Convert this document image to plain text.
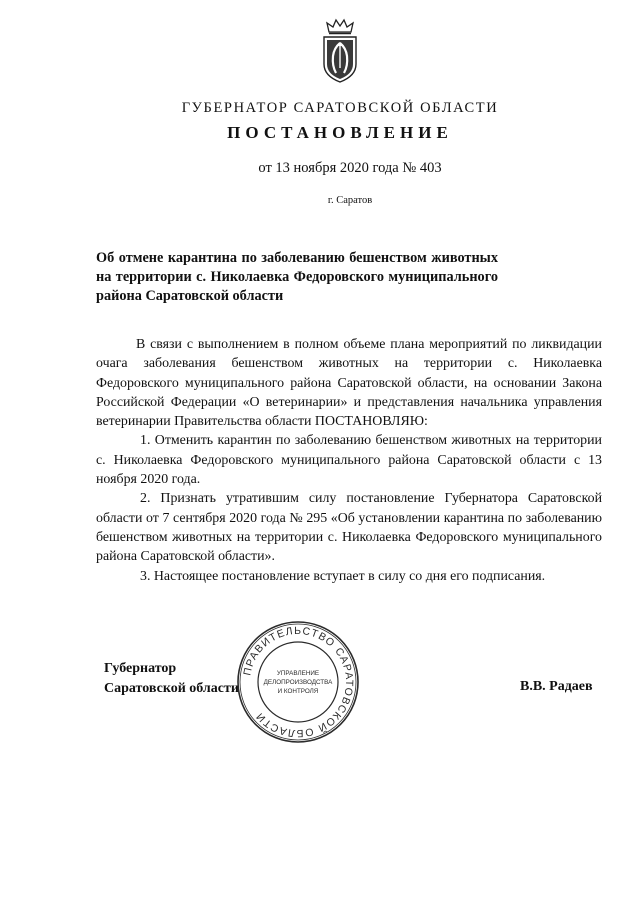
ГУБЕРНАТОР САРАТОВСКОЙ ОБЛАСТИ
ПОСТАНОВЛЕНИЕ
от 13 ноября 2020 года № 403
г. Саратов
Об отмене карантина по заболеванию бешенством животных на территории с. Николаевка Федоровского муниципального района Саратовской области

В связи с выполнением в полном объеме плана мероприятий по ликвидации очага заболевания бешенством животных на территории с. Николаевка Федоровского муниципального района Саратовской области, на основании Закона Российской Федерации «О ветеринарии» и представления начальника управления ветеринарии Правительства области ПОСТАНОВЛЯЮ:

1. Отменить карантин по заболеванию бешенством животных на территории с. Николаевка Федоровского муниципального района Саратовской области с 13 ноября 2020 года.

2. Признать утратившим силу постановление Губернатора Саратовской области от 7 сентября 2020 года № 295 «Об установлении карантина по заболеванию бешенством животных на территории с. Николаевка Федоровского муниципального района Саратовской области».

3. Настоящее постановление вступает в силу со дня его подписания.

Губернатор
Саратовской области	В.В. Радаев
ПРАВИТЕЛЬСТВО САРАТОВСКОЙ ОБЛАСТИ
УПРАВЛЕНИЕ
ДЕЛОПРОИЗВОДСТВА
И КОНТРОЛЯ
